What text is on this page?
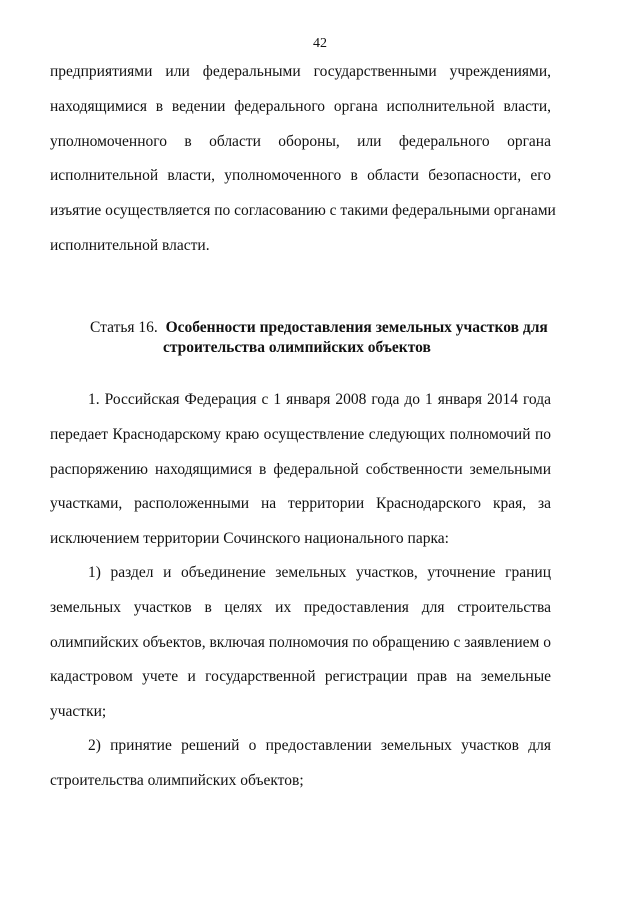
42
предприятиями или федеральными государственными учреждениями,
находящимися в ведении федерального органа исполнительной власти,
уполномоченного в области обороны, или федерального органа
исполнительной власти, уполномоченного в области безопасности, его
изъятие осуществляется по согласованию с такими федеральными органами
исполнительной власти.
Статья 16. Особенности предоставления земельных участков для
строительства олимпийских объектов
1. Российская Федерация с 1 января 2008 года до 1 января 2014 года
передает Краснодарскому краю осуществление следующих полномочий по
распоряжению находящимися в федеральной собственности земельными
участками, расположенными на территории Краснодарского края, за
исключением территории Сочинского национального парка:
1) раздел и объединение земельных участков, уточнение границ
земельных участков в целях их предоставления для строительства
олимпийских объектов, включая полномочия по обращению с заявлением о
кадастровом учете и государственной регистрации прав на земельные
участки;
2) принятие решений о предоставлении земельных участков для
строительства олимпийских объектов;
